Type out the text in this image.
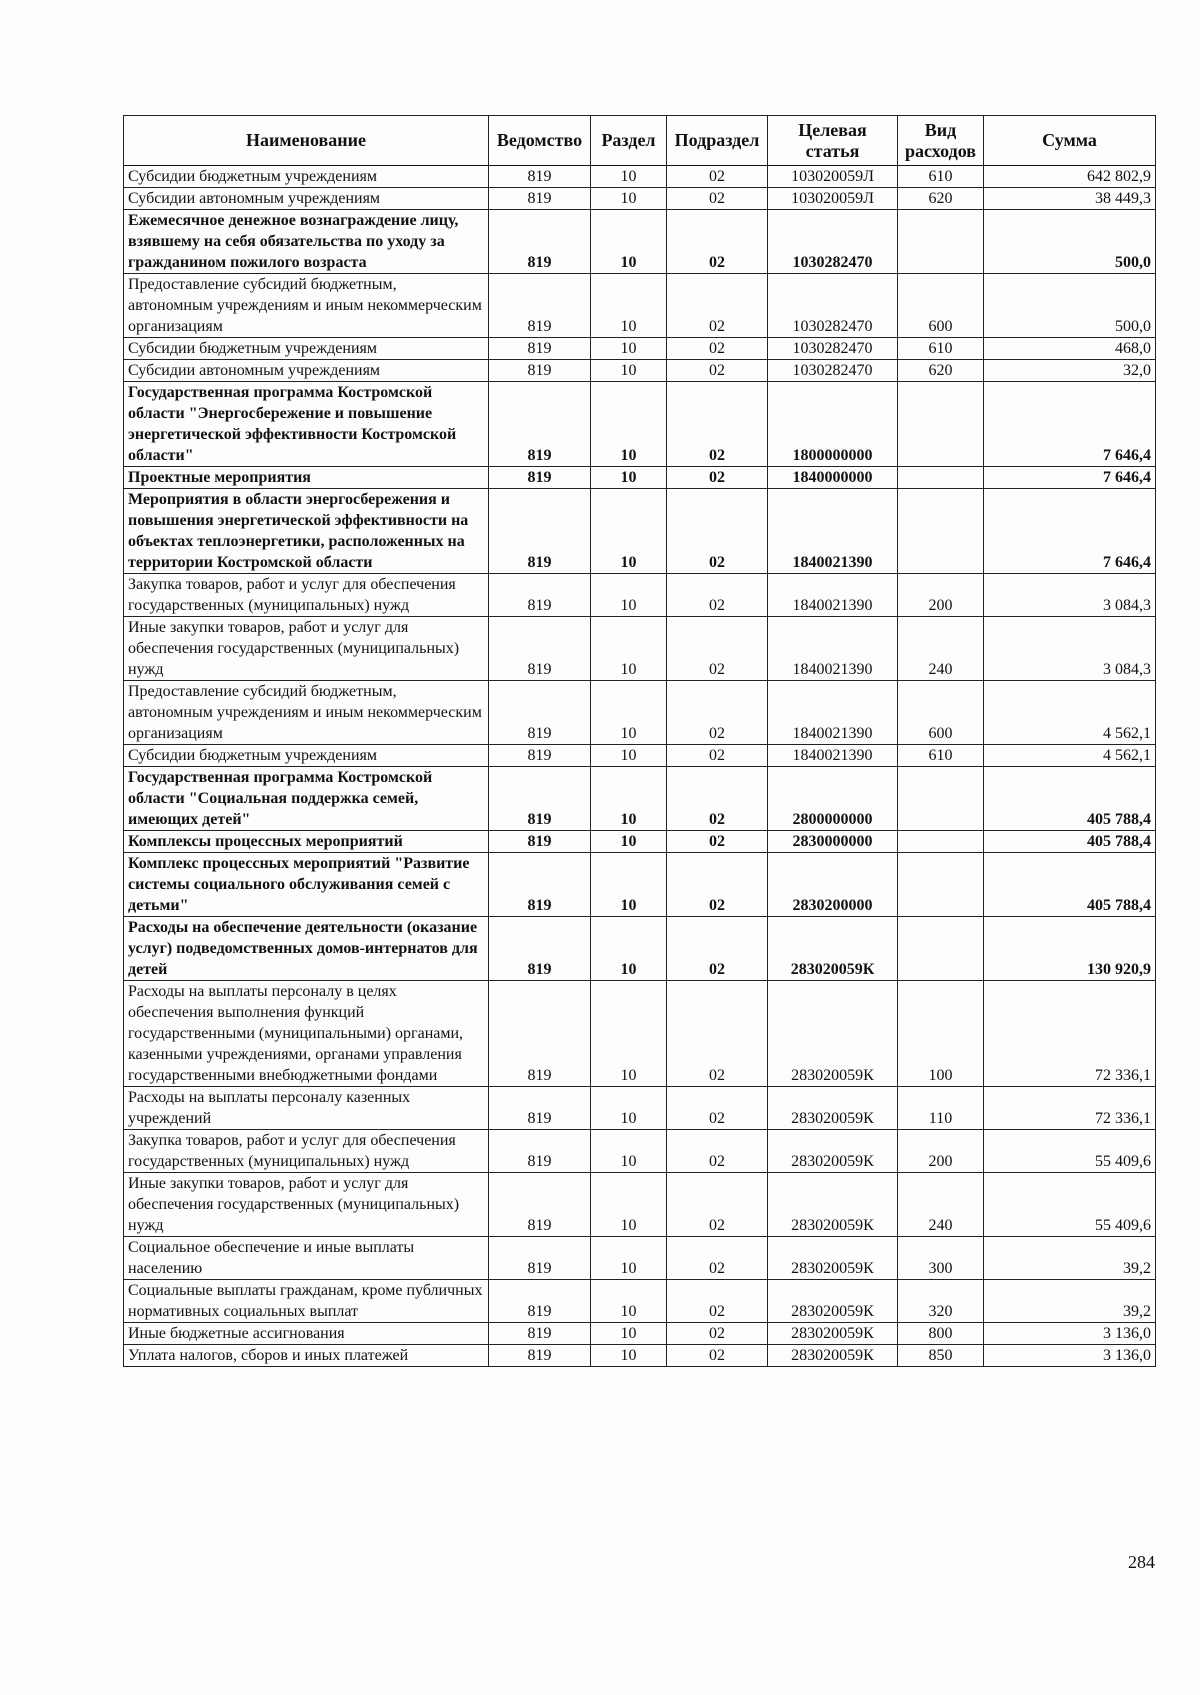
Наименование	Ведомство	Раздел	Подраздел	Целевая статья	Вид расходов	Сумма
Субсидии бюджетным учреждениям	819	10	02	103020059Л	610	642 802,9
Субсидии автономным учреждениям	819	10	02	103020059Л	620	38 449,3
Ежемесячное денежное вознаграждение лицу, взявшему на себя обязательства по уходу за гражданином пожилого возраста	819	10	02	1030282470		500,0
Предоставление субсидий бюджетным, автономным учреждениям и иным некоммерческим организациям	819	10	02	1030282470	600	500,0
Субсидии бюджетным учреждениям	819	10	02	1030282470	610	468,0
Субсидии автономным учреждениям	819	10	02	1030282470	620	32,0
Государственная программа Костромской области "Энергосбережение и повышение энергетической эффективности Костромской области"	819	10	02	1800000000		7 646,4
Проектные мероприятия	819	10	02	1840000000		7 646,4
Мероприятия в области энергосбережения и повышения энергетической эффективности на объектах теплоэнергетики, расположенных на территории Костромской области	819	10	02	1840021390		7 646,4
Закупка товаров, работ и услуг для обеспечения государственных (муниципальных) нужд	819	10	02	1840021390	200	3 084,3
Иные закупки товаров, работ и услуг для обеспечения государственных (муниципальных) нужд	819	10	02	1840021390	240	3 084,3
Предоставление субсидий бюджетным, автономным учреждениям и иным некоммерческим организациям	819	10	02	1840021390	600	4 562,1
Субсидии бюджетным учреждениям	819	10	02	1840021390	610	4 562,1
Государственная программа Костромской области "Социальная поддержка семей, имеющих детей"	819	10	02	2800000000		405 788,4
Комплексы процессных мероприятий	819	10	02	2830000000		405 788,4
Комплекс процессных мероприятий "Развитие системы социального обслуживания семей с детьми"	819	10	02	2830200000		405 788,4
Расходы на обеспечение деятельности (оказание услуг) подведомственных домов-интернатов для детей	819	10	02	283020059К		130 920,9
Расходы на выплаты персоналу в целях обеспечения выполнения функций государственными (муниципальными) органами, казенными учреждениями, органами управления государственными внебюджетными фондами	819	10	02	283020059К	100	72 336,1
Расходы на выплаты персоналу казенных учреждений	819	10	02	283020059К	110	72 336,1
Закупка товаров, работ и услуг для обеспечения государственных (муниципальных) нужд	819	10	02	283020059К	200	55 409,6
Иные закупки товаров, работ и услуг для обеспечения государственных (муниципальных) нужд	819	10	02	283020059К	240	55 409,6
Социальное обеспечение и иные выплаты населению	819	10	02	283020059К	300	39,2
Социальные выплаты гражданам, кроме публичных нормативных социальных выплат	819	10	02	283020059К	320	39,2
Иные бюджетные ассигнования	819	10	02	283020059К	800	3 136,0
Уплата налогов, сборов и иных платежей	819	10	02	283020059К	850	3 136,0
284
